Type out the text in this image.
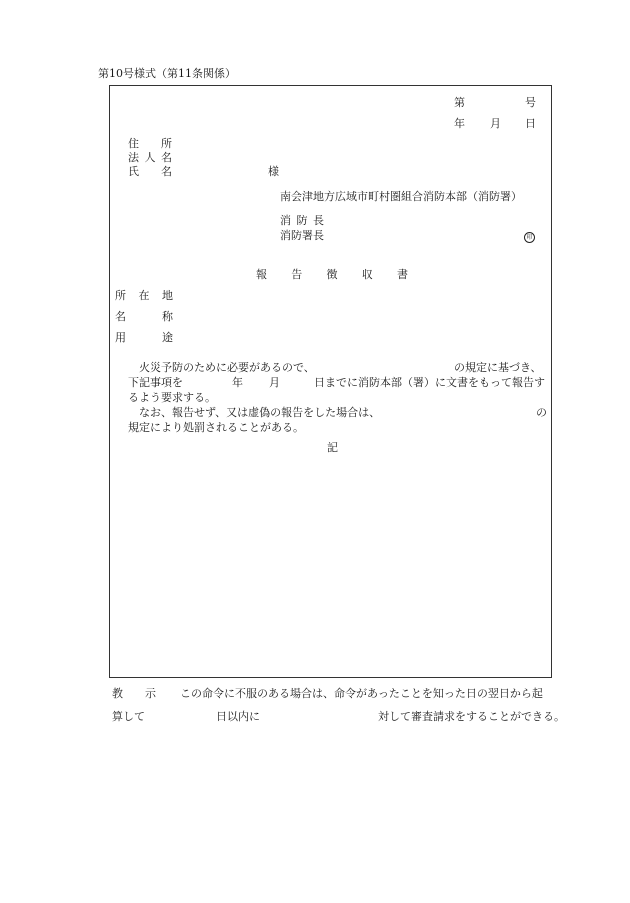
第10号様式（第11条関係）
第	号
年 月 日
住 所
法 人 名
氏 名	様
南会津地方広域市町村圏組合消防本部（消防署）
消 防 長
消防署長	印
報 告 徴 収 書
所 在 地
名	称
用	途
火災予防のために必要があるので、	の規定に基づき、
下記事項を	年 月	日までに消防本部（署）に文書をもって報告す
るよう要求する。
なお、報告せず、又は虚偽の報告をした場合は、	の
規定により処罰されることがある。
記
教 示 この命令に不服のある場合は、命令があったことを知った日の翌日から起
算して	日以内に	対して審査請求をすることができる。
